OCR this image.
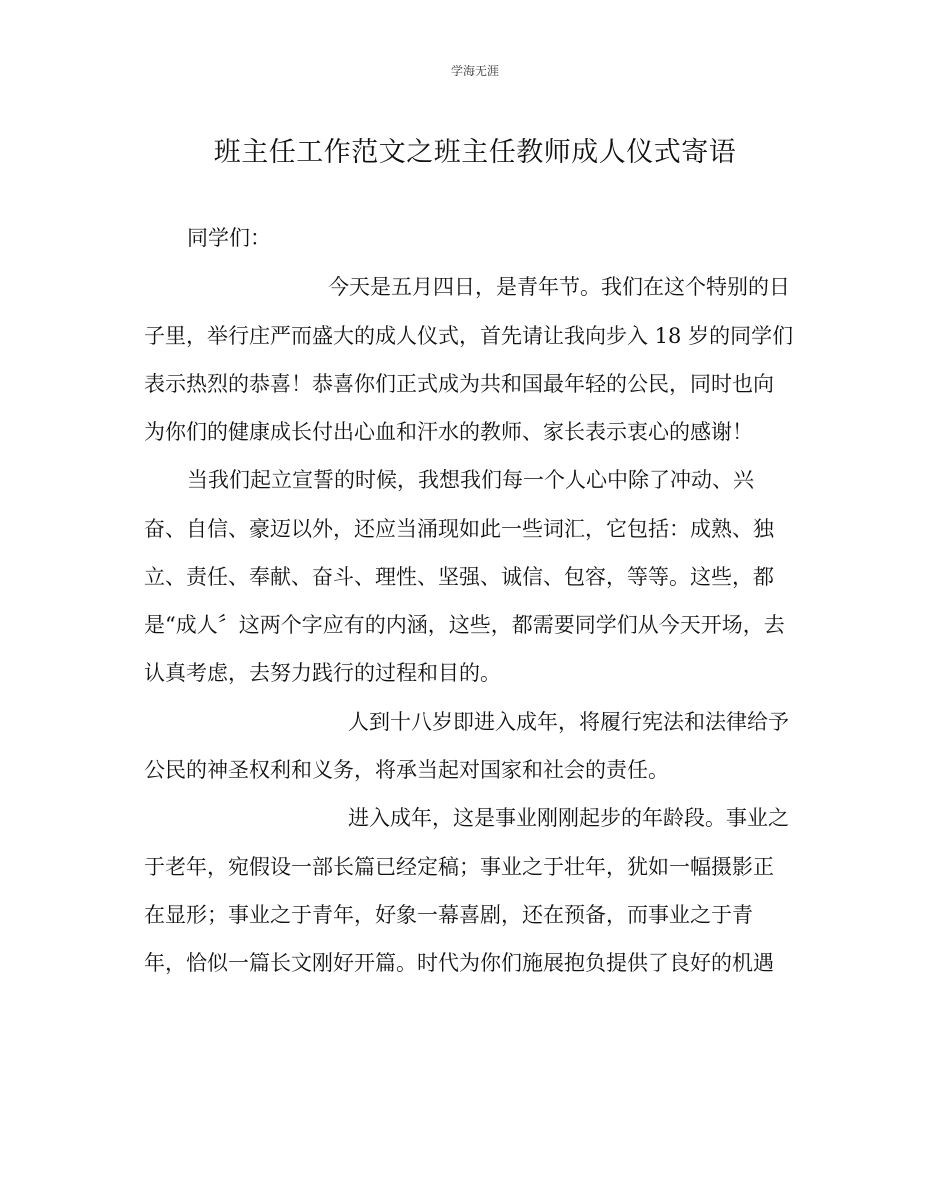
学海无涯
班主任工作范文之班主任教师成人仪式寄语
同学们：
今天是五月四日，是青年节。我们在这个特别的日
子里，举行庄严而盛大的成人仪式，首先请让我向步入 18 岁的同学们
表示热烈的恭喜！恭喜你们正式成为共和国最年轻的公民，同时也向
为你们的健康成长付出心血和汗水的教师、家长表示衷心的感谢！
当我们起立宣誓的时候，我想我们每一个人心中除了冲动、兴
奋、自信、豪迈以外，还应当涌现如此一些词汇，它包括：成熟、独
立、责任、奉献、奋斗、理性、坚强、诚信、包容，等等。这些，都
是“成人〞这两个字应有的内涵，这些，都需要同学们从今天开场，去
认真考虑，去努力践行的过程和目的。
人到十八岁即进入成年，将履行宪法和法律给予
公民的神圣权利和义务，将承当起对国家和社会的责任。
进入成年，这是事业刚刚起步的年龄段。事业之
于老年，宛假设一部长篇已经定稿；事业之于壮年，犹如一幅摄影正
在显形；事业之于青年，好象一幕喜剧，还在预备，而事业之于青
年，恰似一篇长文刚好开篇。时代为你们施展抱负提供了良好的机遇
